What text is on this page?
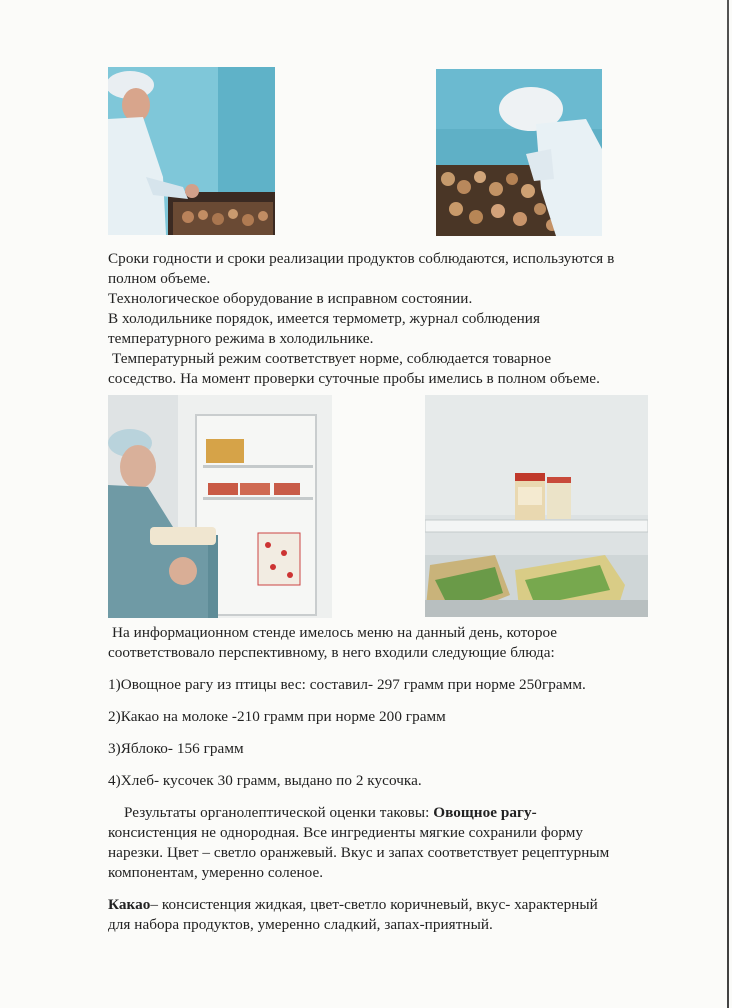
Сроки годности и сроки реализации продуктов соблюдаются, используются в

полном объеме.

Технологическое оборудование в исправном состоянии.

В холодильнике порядок, имеется термометр, журнал соблюдения

температурного режима в холодильнике.

Температурный режим соответствует норме, соблюдается товарное

соседство. На момент проверки суточные пробы имелись в полном объеме.

На информационном стенде имелось меню на данный день, которое

соответствовало перспективному, в него входили следующие блюда:

1)Овощное рагу из птицы вес: составил- 297 грамм при норме 250грамм.

2)Какао на молоке -210 грамм при норме 200 грамм

3)Яблоко- 156 грамм

4)Хлеб- кусочек 30 грамм, выдано по 2 кусочка.

Результаты органолептической оценки таковы: Овощное рагу-

консистенция не однородная. Все ингредиенты мягкие сохранили форму

нарезки. Цвет – светло оранжевый. Вкус и запах соответствует рецептурным

компонентам, умеренно соленое.

Какао– консистенция жидкая, цвет-светло коричневый, вкус- характерный

для набора продуктов, умеренно сладкий, запах-приятный.
